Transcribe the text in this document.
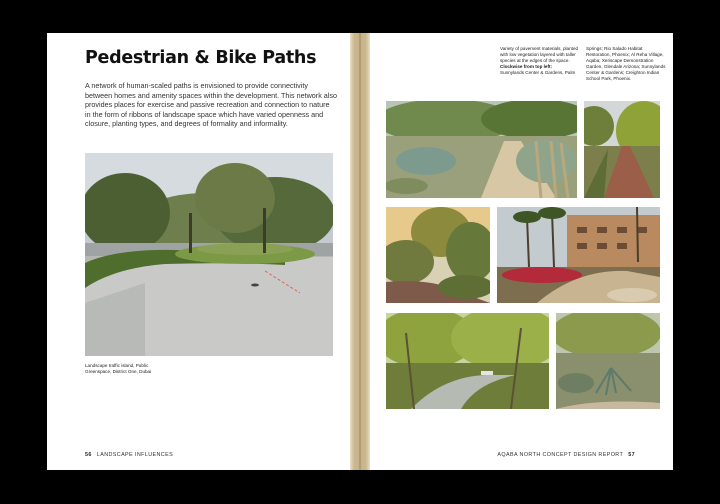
Pedestrian & Bike Paths

A network of human-scaled paths is envisioned to provide connectivity between homes and amenity spaces within the development. This network also provides places for exercise and passive recreation and connection to nature in the form of ribbons of landscape space which have varied openness and closure, planting types, and degrees of formality and informality.

Landscape traffic island, Public
Greenspace, District One, Dubai

56 LANDSCAPE INFLUENCES

Variety of pavement materials, planted with low vegetation layered with taller species at the edges of the space.
Clockwise from top left:
Sunnylands Center & Gardens, Palm

Springs; Rio Salado Habitat Restoration, Phoenix; Al Reha Village, Aqaba; Xeriscape Demonstration Garden, Glendale Arizona; Sunnylands Center & Gardens; Creighton Indian School Park, Phoenix.

AQABA NORTH CONCEPT DESIGN REPORT 57
